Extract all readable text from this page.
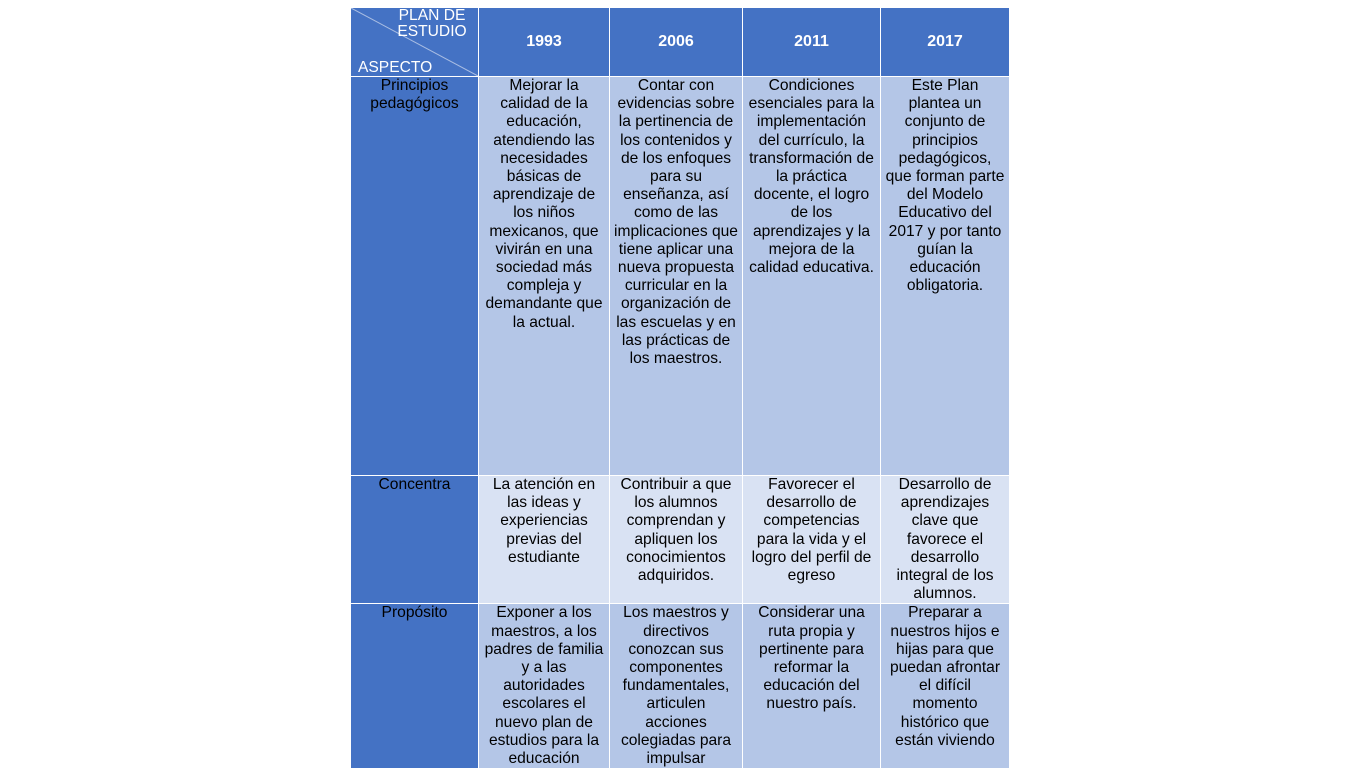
PLAN DE ESTUDIO
ASPECTO	1993	2006	2011	2017
Principios pedagógicos	Mejorar la calidad de la educación, atendiendo las necesidades básicas de aprendizaje de los niños mexicanos, que vivirán en una sociedad más compleja y demandante que la actual.	Contar con evidencias sobre la pertinencia de los contenidos y de los enfoques para su enseñanza, así como de las implicaciones que tiene aplicar una nueva propuesta curricular en la organización de las escuelas y en las prácticas de los maestros.	Condiciones esenciales para la implementación del currículo, la transformación de la práctica docente, el logro de los aprendizajes y la mejora de la calidad educativa.	Este Plan plantea un conjunto de principios pedagógicos, que forman parte del Modelo Educativo del 2017 y por tanto guían la educación obligatoria.
Concentra	La atención en las ideas y experiencias previas del estudiante	Contribuir a que los alumnos comprendan y apliquen los conocimientos adquiridos.	Favorecer el desarrollo de competencias para la vida y el logro del perfil de egreso	Desarrollo de aprendizajes clave que favorece el desarrollo integral de los alumnos.
Propósito	Exponer a los maestros, a los padres de familia y a las autoridades escolares el nuevo plan de estudios para la educación	Los maestros y directivos conozcan sus componentes fundamentales, articulen acciones colegiadas para impulsar	Considerar una ruta propia y pertinente para reformar la educación del nuestro país.	Preparar a nuestros hijos e hijas para que puedan afrontar el difícil momento histórico que están viviendo
